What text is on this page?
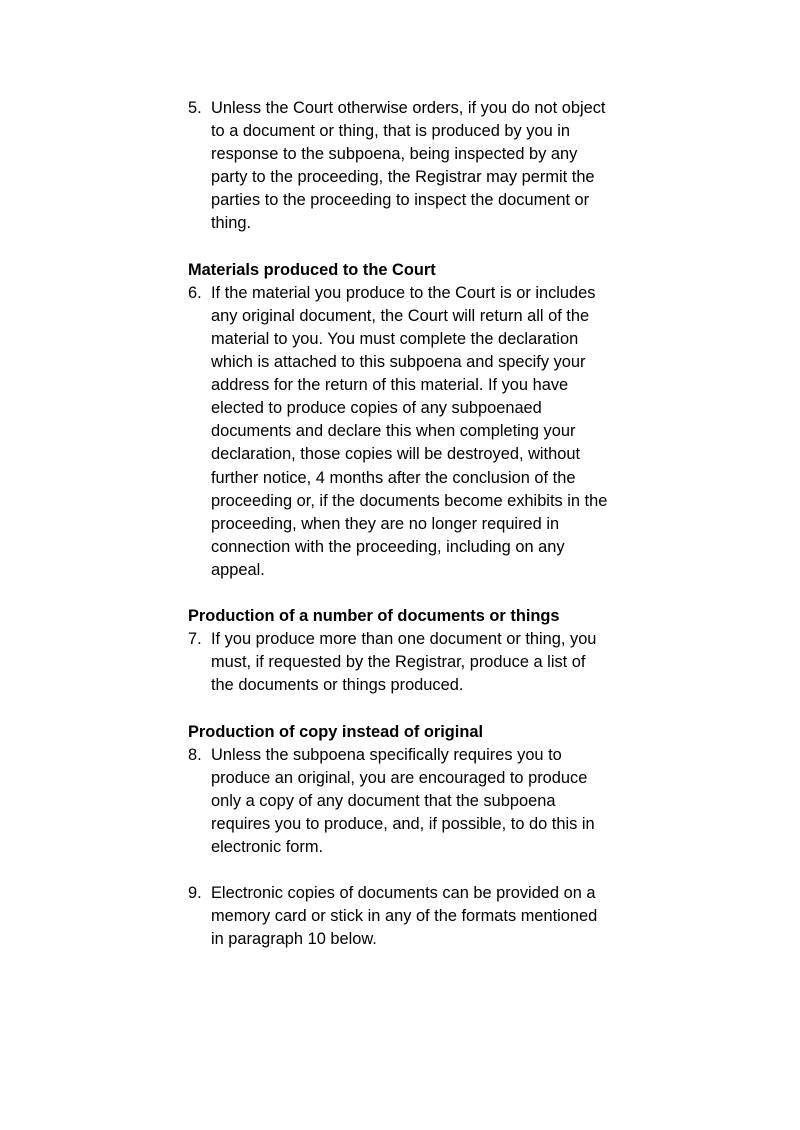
5. Unless the Court otherwise orders, if you do not object
to a document or thing, that is produced by you in
response to the subpoena, being inspected by any
party to the proceeding, the Registrar may permit the
parties to the proceeding to inspect the document or
thing.
Materials produced to the Court
6. If the material you produce to the Court is or includes
any original document, the Court will return all of the
material to you. You must complete the declaration
which is attached to this subpoena and specify your
address for the return of this material. If you have
elected to produce copies of any subpoenaed
documents and declare this when completing your
declaration, those copies will be destroyed, without
further notice, 4 months after the conclusion of the
proceeding or, if the documents become exhibits in the
proceeding, when they are no longer required in
connection with the proceeding, including on any
appeal.
Production of a number of documents or things
7. If you produce more than one document or thing, you
must, if requested by the Registrar, produce a list of
the documents or things produced.
Production of copy instead of original
8. Unless the subpoena specifically requires you to
produce an original, you are encouraged to produce
only a copy of any document that the subpoena
requires you to produce, and, if possible, to do this in
electronic form.
9. Electronic copies of documents can be provided on a
memory card or stick in any of the formats mentioned
in paragraph 10 below.
